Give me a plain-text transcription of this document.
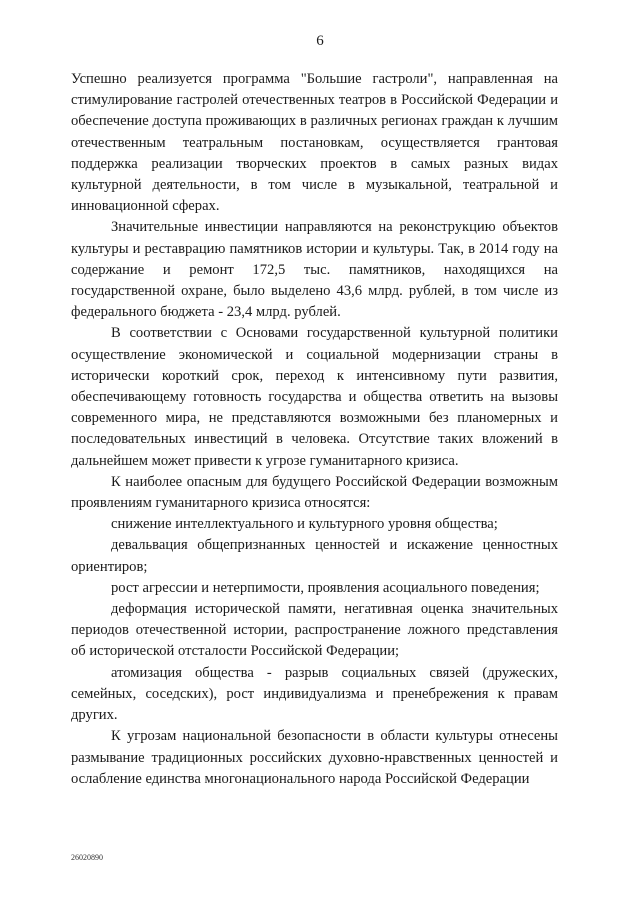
6

Успешно реализуется программа "Большие гастроли", направленная на стимулирование гастролей отечественных театров в Российской Федерации и обеспечение доступа проживающих в различных регионах граждан к лучшим отечественным театральным постановкам, осуществляется грантовая поддержка реализации творческих проектов в самых разных видах культурной деятельности, в том числе в музыкальной, театральной и инновационной сферах.

Значительные инвестиции направляются на реконструкцию объектов культуры и реставрацию памятников истории и культуры. Так, в 2014 году на содержание и ремонт 172,5 тыс. памятников, находящихся на государственной охране, было выделено 43,6 млрд. рублей, в том числе из федерального бюджета - 23,4 млрд. рублей.

В соответствии с Основами государственной культурной политики осуществление экономической и социальной модернизации страны в исторически короткий срок, переход к интенсивному пути развития, обеспечивающему готовность государства и общества ответить на вызовы современного мира, не представляются возможными без планомерных и последовательных инвестиций в человека. Отсутствие таких вложений в дальнейшем может привести к угрозе гуманитарного кризиса.

К наиболее опасным для будущего Российской Федерации возможным проявлениям гуманитарного кризиса относятся:

снижение интеллектуального и культурного уровня общества;

девальвация общепризнанных ценностей и искажение ценностных ориентиров;

рост агрессии и нетерпимости, проявления асоциального поведения;

деформация исторической памяти, негативная оценка значительных периодов отечественной истории, распространение ложного представления об исторической отсталости Российской Федерации;

атомизация общества - разрыв социальных связей (дружеских, семейных, соседских), рост индивидуализма и пренебрежения к правам других.

К угрозам национальной безопасности в области культуры отнесены размывание традиционных российских духовно-нравственных ценностей и ослабление единства многонационального народа Российской Федерации

26020890
